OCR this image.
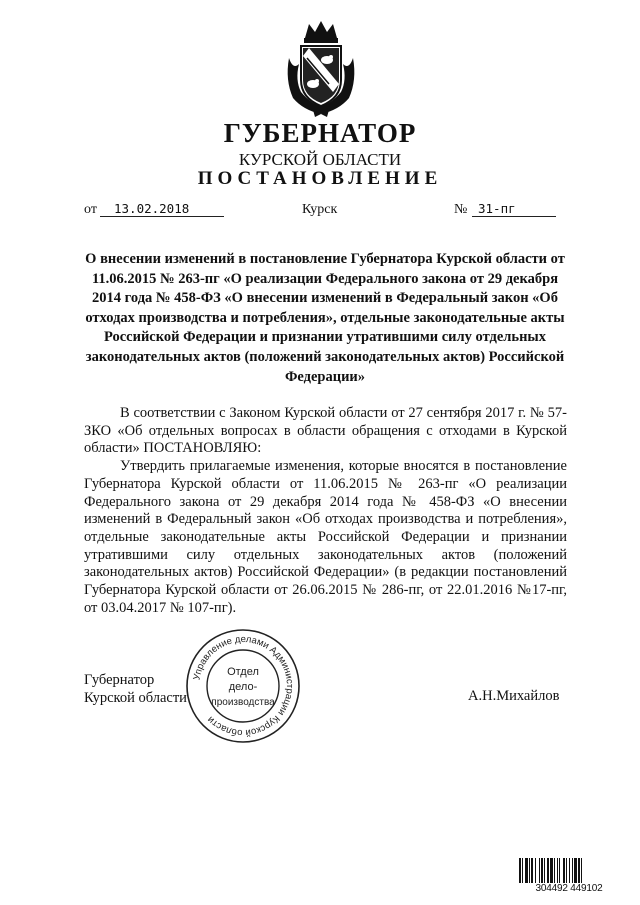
ГУБЕРНАТОР
КУРСКОЙ ОБЛАСТИ
ПОСТАНОВЛЕНИЕ
от 13.02.2018	Курск	№ 31-пг
О внесении изменений в постановление Губернатора Курской области от 11.06.2015 № 263-пг «О реализации Федерального закона от 29 декабря 2014 года № 458-ФЗ «О внесении изменений в Федеральный закон «Об отходах производства и потребления», отдельные законодательные акты Российской Федерации и признании утратившими силу отдельных законодательных актов (положений законодательных актов) Российской Федерации»

В соответствии с Законом Курской области от 27 сентября 2017 г. № 57-ЗКО «Об отдельных вопросах в области обращения с отходами в Курской области» ПОСТАНОВЛЯЮ:

Утвердить прилагаемые изменения, которые вносятся в постановление Губернатора Курской области от 11.06.2015 № 263-пг «О реализации Федерального закона от 29 декабря 2014 года № 458-ФЗ «О внесении изменений в Федеральный закон «Об отходах производства и потребления», отдельные законодательные акты Российской Федерации и признании утратившими силу отдельных законодательных актов (положений законодательных актов) Российской Федерации» (в редакции постановлений Губернатора Курской области от 26.06.2015 № 286-пг, от 22.01.2016 №17-пг, от 03.04.2017 № 107-пг).

Губернатор
Курской области	А.Н.Михайлов
Управление делами Администрации Курской области
Отдел
дело-
производства
304492 449102
